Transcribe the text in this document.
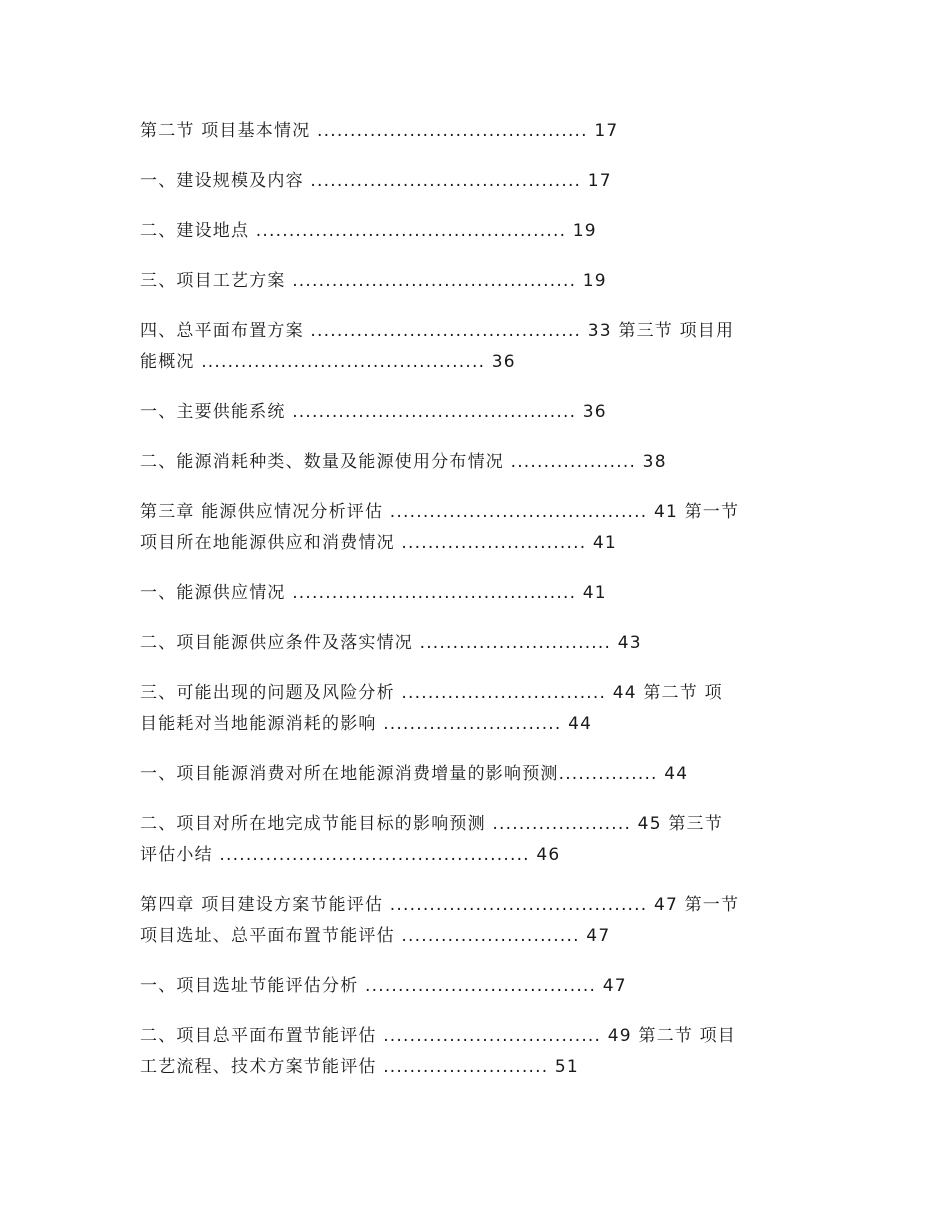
第二节 项目基本情况 ......................................... 17
一、建设规模及内容 ......................................... 17
二、建设地点 ............................................... 19
三、项目工艺方案 ........................................... 19
四、总平面布置方案 ......................................... 33 第三节 项目用
能概况 ........................................... 36
一、主要供能系统 ........................................... 36
二、能源消耗种类、数量及能源使用分布情况 ................... 38
第三章 能源供应情况分析评估 ....................................... 41 第一节
项目所在地能源供应和消费情况 ............................ 41
一、能源供应情况 ........................................... 41
二、项目能源供应条件及落实情况 ............................. 43
三、可能出现的问题及风险分析 ............................... 44 第二节 项
目能耗对当地能源消耗的影响 ........................... 44
一、项目能源消费对所在地能源消费增量的影响预测............... 44
二、项目对所在地完成节能目标的影响预测 ..................... 45 第三节
评估小结 ............................................... 46
第四章 项目建设方案节能评估 ....................................... 47 第一节
项目选址、总平面布置节能评估 ........................... 47
一、项目选址节能评估分析 ................................... 47
二、项目总平面布置节能评估 ................................. 49 第二节 项目
工艺流程、技术方案节能评估 ......................... 51
